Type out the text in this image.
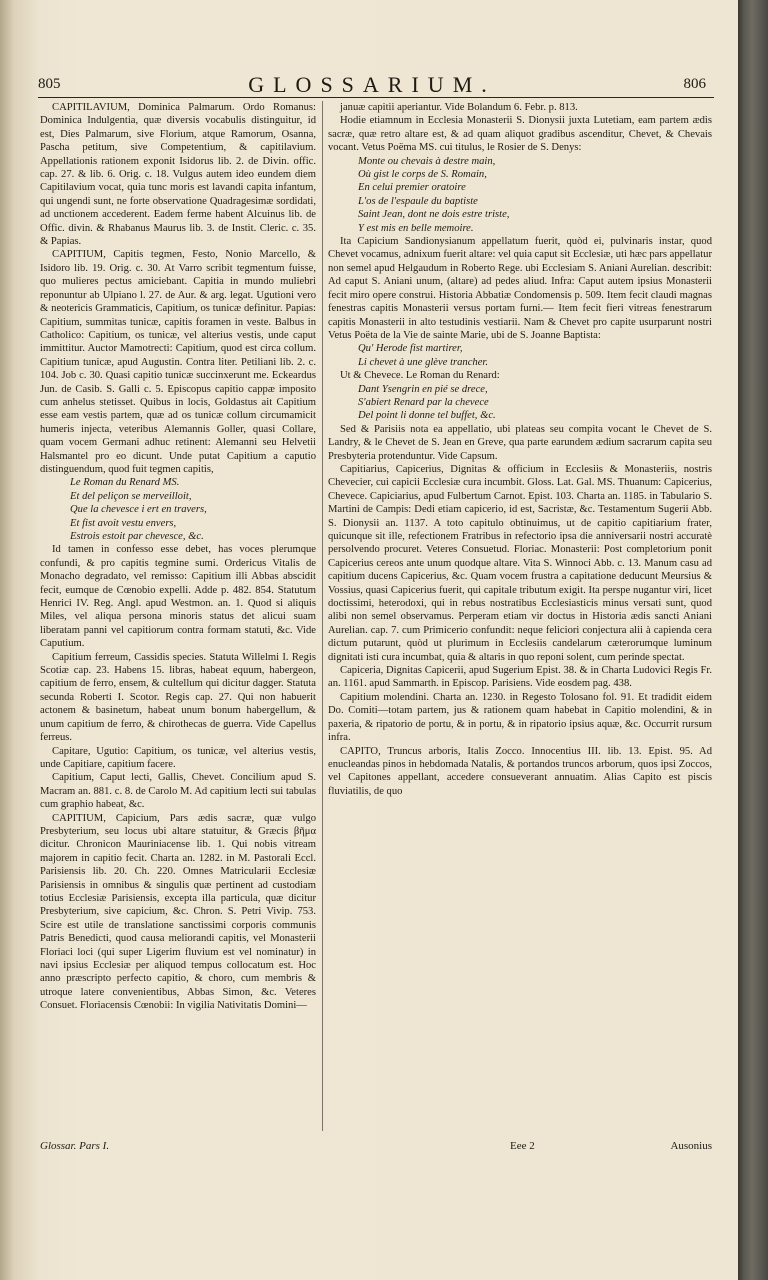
805	GLOSSARIUM.	806

CAPITILAVIUM, Dominica Palmarum. Ordo Romanus: Dominica Indulgentia, quæ diversis vocabulis distinguitur, id est, Dies Palmarum, sive Florium, atque Ramorum, Osanna, Pascha petitum, sive Competentium, & capitilavium. Appellationis rationem exponit Isidorus lib. 2. de Divin. offic. cap. 27. & lib. 6. Orig. c. 18. Vulgus autem ideo eundem diem Capitilavium vocat, quia tunc moris est lavandi capita infantum, qui ungendi sunt, ne forte observatione Quadragesimæ sordidati, ad unctionem accederent. Eadem ferme habent Alcuinus lib. de Offic. divin. & Rhabanus Maurus lib. 3. de Instit. Cleric. c. 35. & Papias.

CAPITIUM, Capitis tegmen, Festo, Nonio Marcello, & Isidoro lib. 19. Orig. c. 30. At Varro scribit tegmentum fuisse, quo mulieres pectus amiciebant. Capitia in mundo muliebri reponuntur ab Ulpiano l. 27. de Aur. & arg. legat. Ugutioni vero & neotericis Grammaticis, Capitium, os tunicæ definitur. Papias: Capitium, summitas tunicæ, capitis foramen in veste. Balbus in Catholico: Capitium, os tunicæ, vel alterius vestis, unde caput immittitur. Auctor Mamotrecti: Capitium, quod est circa collum. Capitium tunicæ, apud Augustin. Contra liter. Petiliani lib. 2. c. 104. Job c. 30. Quasi capitio tunicæ succinxerunt me. Eckeardus Jun. de Casib. S. Galli c. 5. Episcopus capitio cappæ imposito cum anhelus stetisset. Quibus in locis, Goldastus ait Capitium esse eam vestis partem, quæ ad os tunicæ collum circumamicit humeris injecta, veteribus Alemannis Goller, quasi Collare, quam vocem Germani adhuc retinent: Alemanni seu Helvetii Halsmantel pro eo dicunt. Unde putat Capitium a caputio distinguendum, quod fuit tegmen capitis,

Le Roman du Renard MS.

Et del peliçon se merveilloit,

Que la chevesce i ert en travers,

Et fist avoit vestu envers,

Estrois estoit par chevesce, &c.

Id tamen in confesso esse debet, has voces plerumque confundi, & pro capitis tegmine sumi. Ordericus Vitalis de Monacho degradato, vel remisso: Capitium illi Abbas abscidit fecit, eumque de Cœnobio expelli. Adde p. 482. 854. Statutum Henrici IV. Reg. Angl. apud Westmon. an. 1. Quod si aliquis Miles, vel aliqua persona minoris status det alicui suam liberatam panni vel capitiorum contra formam statuti, &c. Vide Caputium.

Capitium ferreum, Cassidis species. Statuta Willelmi I. Regis Scotiæ cap. 23. Habens 15. libras, habeat equum, habergeon, capitium de ferro, ensem, & cultellum qui dicitur dagger. Statuta secunda Roberti I. Scotor. Regis cap. 27. Qui non habuerit actonem & basinetum, habeat unum bonum habergellum, & unum capitium de ferro, & chirothecas de guerra. Vide Capellus ferreus.

Capitare, Ugutio: Capitium, os tunicæ, vel alterius vestis, unde Capitiare, capitium facere.

Capitium, Caput lecti, Gallis, Chevet. Concilium apud S. Macram an. 881. c. 8. de Carolo M. Ad capitium lecti sui tabulas cum graphio habeat, &c.

CAPITIUM, Capicium, Pars ædis sacræ, quæ vulgo Presbyterium, seu locus ubi altare statuitur, & Græcis βῆμα dicitur. Chronicon Mauriniacense lib. 1. Qui nobis vitream majorem in capitio fecit. Charta an. 1282. in M. Pastorali Eccl. Parisiensis lib. 20. Ch. 220. Omnes Matricularii Ecclesiæ Parisiensis in omnibus & singulis quæ pertinent ad custodiam totius Ecclesiæ Parisiensis, excepta illa particula, quæ dicitur Presbyterium, sive capicium, &c. Chron. S. Petri Vivip. 753. Scire est utile de translatione sanctissimi corporis communis Patris Benedicti, quod causa meliorandi capitis, vel Monasterii Floriaci loci (qui super Ligerim fluvium est vel nominatur) in navi ipsius Ecclesiæ per aliquod tempus collocatum est. Hoc anno præscripto perfecto capitio, & choro, cum membris & utroque latere convenientibus, Abbas Simon, &c. Veteres Consuet. Floriacensis Cœnobii: In vigilia Nativitatis Domini—

januæ capitii aperiantur. Vide Bolandum 6. Febr. p. 813.

Hodie etiamnum in Ecclesia Monasterii S. Dionysii juxta Lutetiam, eam partem ædis sacræ, quæ retro altare est, & ad quam aliquot gradibus ascenditur, Chevet, & Chevais vocant. Vetus Poëma MS. cui titulus, le Rosier de S. Denys:

Monte ou chevais à destre main,

Où gist le corps de S. Romain,

En celui premier oratoire

L'os de l'espaule du baptiste

Saint Jean, dont ne dois estre triste,

Y est mis en belle memoire.

Ita Capicium Sandionysianum appellatum fuerit, quòd ei, pulvinaris instar, quod Chevet vocamus, adnixum fuerit altare: vel quia caput sit Ecclesiæ, uti hæc pars appellatur non semel apud Helgaudum in Roberto Rege. ubi Ecclesiam S. Aniani Aurelian. describit: Ad caput S. Aniani unum, (altare) ad pedes aliud. Infra: Caput autem ipsius Monasterii fecit miro opere construi. Historia Abbatiæ Condomensis p. 509. Item fecit claudi magnas fenestras capitis Monasterii versus portam furni.— Item fecit fieri vitreas fenestrarum capitis Monasterii in alto testudinis vestiarii. Nam & Chevet pro capite usurparunt nostri Vetus Poëta de la Vie de sainte Marie, ubi de S. Joanne Baptista:

Qu' Herode fist martirer,

Li chevet à une glève trancher.

Ut & Chevece. Le Roman du Renard:

Dant Ysengrin en pié se drece,

S'abiert Renard par la chevece

Del point li donne tel buffet, &c.

Sed & Parisiis nota ea appellatio, ubi plateas seu compita vocant le Chevet de S. Landry, & le Chevet de S. Jean en Greve, qua parte earundem ædium sacrarum capita seu Presbyteria protenduntur. Vide Capsum.

Capitiarius, Capicerius, Dignitas & officium in Ecclesiis & Monasteriis, nostris Chevecier, cui capicii Ecclesiæ cura incumbit. Gloss. Lat. Gal. MS. Thuanum: Capicerius, Chevece. Capiciarius, apud Fulbertum Carnot. Epist. 103. Charta an. 1185. in Tabulario S. Martini de Campis: Dedi etiam capicerio, id est, Sacristæ, &c. Testamentum Sugerii Abb. S. Dionysii an. 1137. A toto capitulo obtinuimus, ut de capitio capitiarium frater, quicunque sit ille, refectionem Fratribus in refectorio ipsa die anniversarii nostri accuratè persolvendo procuret. Veteres Consuetud. Floriac. Monasterii: Post completorium ponit Capicerius cereos ante unum quodque altare. Vita S. Winnoci Abb. c. 13. Manum casu ad capitium ducens Capicerius, &c. Quam vocem frustra a capitatione deducunt Meursius & Vossius, quasi Capicerius fuerit, qui capitale tributum exigit. Ita perspe nugantur viri, licet doctissimi, heterodoxi, qui in rebus nostratibus Ecclesiasticis minus versati sunt, quod alibi non semel observamus. Perperam etiam vir doctus in Historia ædis sancti Aniani Aurelian. cap. 7. cum Primicerio confundit: neque feliciori conjectura alii à capienda cera dictum putarunt, quòd ut plurimum in Ecclesiis candelarum cæterorumque luminum dignitati isti cura incumbat, quia & altaris in quo reponi solent, cum perinde spectat.

Capiceria, Dignitas Capicerii, apud Sugerium Epist. 38. & in Charta Ludovici Regis Fr. an. 1161. apud Sammarth. in Episcop. Parisiens. Vide eosdem pag. 438.

Capitium molendini. Charta an. 1230. in Regesto Tolosano fol. 91. Et tradidit eidem Do. Comiti—totam partem, jus & rationem quam habebat in Capitio molendini, & in paxeria, & ripatorio de portu, & in portu, & in ripatorio ipsius aquæ, &c. Occurrit rursum infra.

CAPITO, Truncus arboris, Italis Zocco. Innocentius III. lib. 13. Epist. 95. Ad enucleandas pinos in hebdomada Natalis, & portandos truncos arborum, quos ipsi Zoccos, vel Capitones appellant, accedere consueverant annuatim. Alias Capito est piscis fluviatilis, de quo

Glossar. Pars I.	Eee 2	Ausonius
